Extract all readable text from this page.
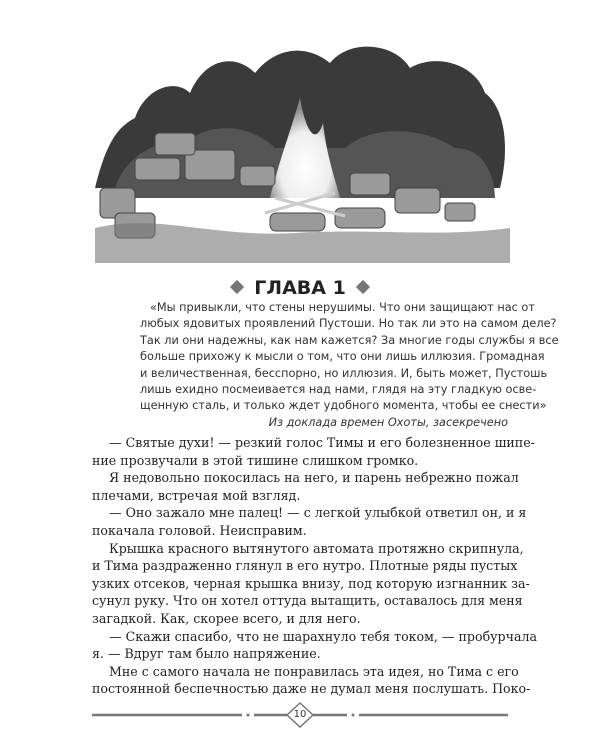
ГЛАВА 1
«Мы привыкли, что стены нерушимы. Что они защищают нас от
любых ядовитых проявлений Пустоши. Но так ли это на самом деле?
Так ли они надежны, как нам кажется? За многие годы службы я все
больше прихожу к мысли о том, что они лишь иллюзия. Громадная
и величественная, бесспорно, но иллюзия. И, быть может, Пустошь
лишь ехидно посмеивается над нами, глядя на эту гладкую осве-
щенную сталь, и только ждет удобного момента, чтобы ее снести»
Из доклада времен Охоты, засекречено
— Святые духи! — резкий голос Тимы и его болезненное шипе-
ние прозвучали в этой тишине слишком громко.
Я недовольно покосилась на него, и парень небрежно пожал
плечами, встречая мой взгляд.
— Оно зажало мне палец! — с легкой улыбкой ответил он, и я
покачала головой. Неисправим.
Крышка красного вытянутого автомата протяжно скрипнула,
и Тима раздраженно глянул в его нутро. Плотные ряды пустых
узких отсеков, черная крышка внизу, под которую изгнанник за-
сунул руку. Что он хотел оттуда вытащить, оставалось для меня
загадкой. Как, скорее всего, и для него.
— Скажи спасибо, что не шарахнуло тебя током, — пробурчала
я. — Вдруг там было напряжение.
Мне с самого начала не понравилась эта идея, но Тима с его
постоянной беспечностью даже не думал меня послушать. Поко-
10
